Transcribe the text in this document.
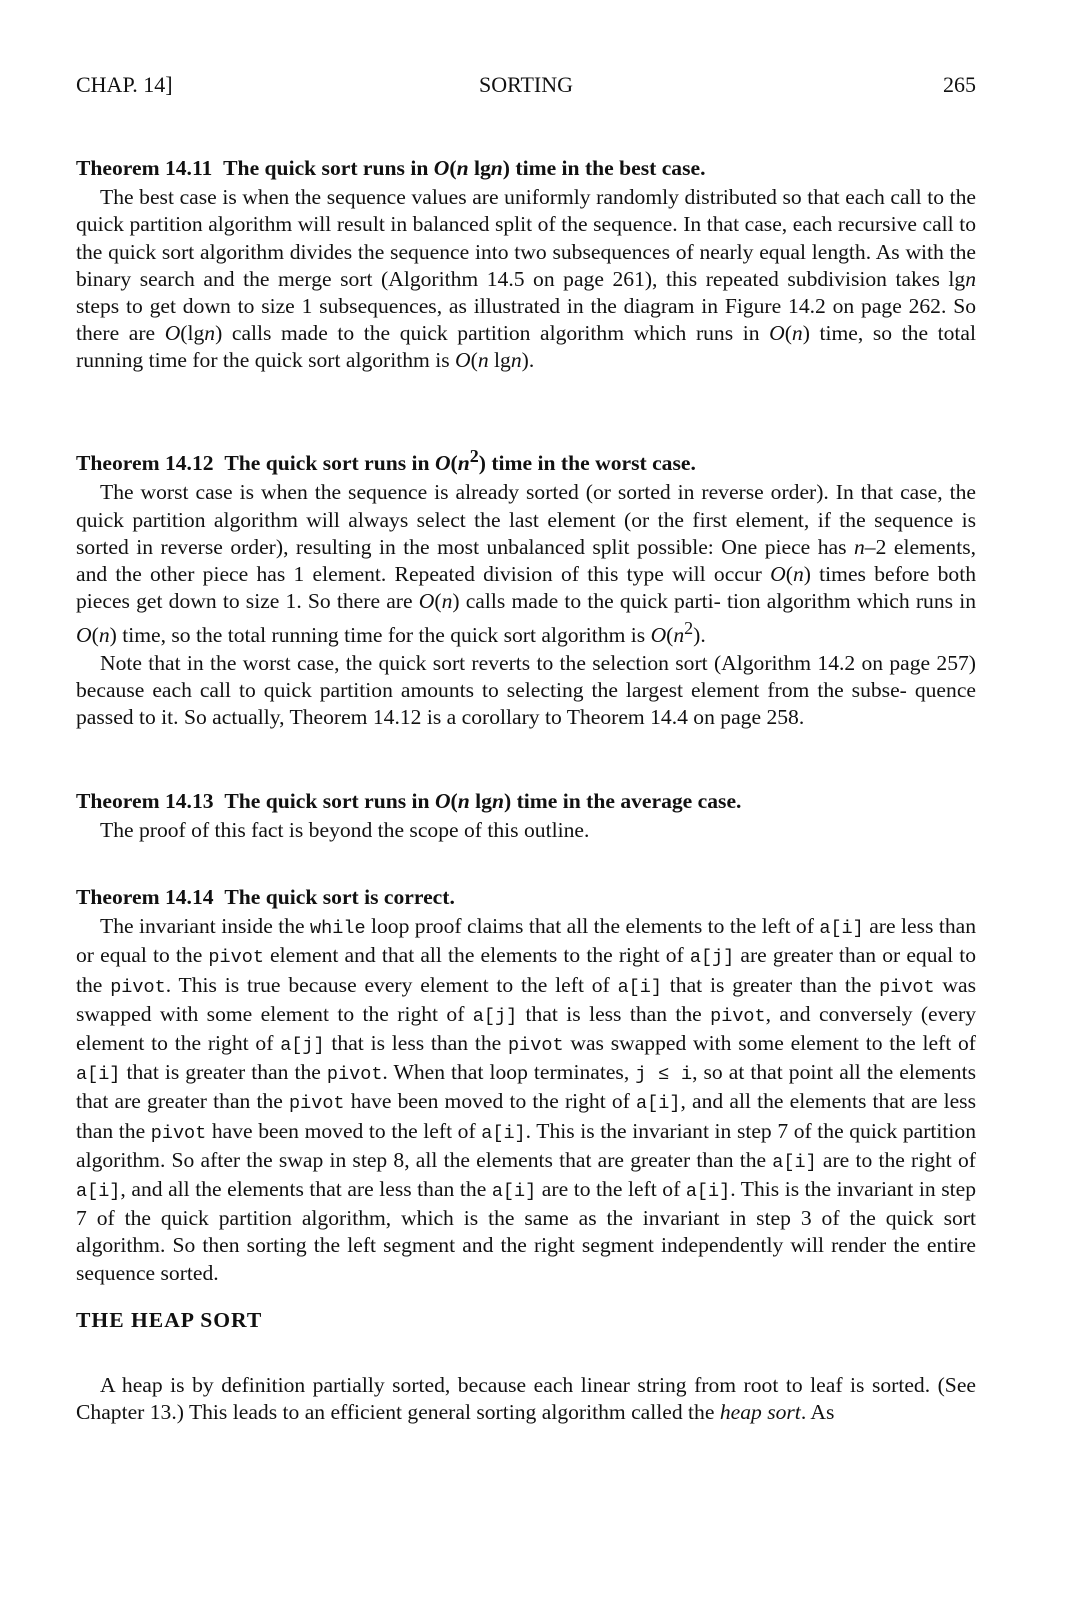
CHAP. 14]	SORTING	265
Theorem 14.11 The quick sort runs in O(n lgn) time in the best case.

The best case is when the sequence values are uniformly randomly distributed so that each call to the quick partition algorithm will result in balanced split of the sequence. In that case, each recursive call to the quick sort algorithm divides the sequence into two subsequences of nearly equal length. As with the binary search and the merge sort (Algorithm 14.5 on page 261), this repeated subdivision takes lgn steps to get down to size 1 subsequences, as illustrated in the diagram in Figure 14.2 on page 262. So there are O(lgn) calls made to the quick partition algorithm which runs in O(n) time, so the total running time for the quick sort algorithm is O(n lgn).

Theorem 14.12 The quick sort runs in $O(n^2)$ time in the worst case.

The worst case is when the sequence is already sorted (or sorted in reverse order). In that case, the quick partition algorithm will always select the last element (or the first element, if the sequence is sorted in reverse order), resulting in the most unbalanced split possible: One piece has n–2 elements, and the other piece has 1 element. Repeated division of this type will occur O(n) times before both pieces get down to size 1. So there are O(n) calls made to the quick parti- tion algorithm which runs in O(n) time, so the total running time for the quick sort algorithm is $O(n^2)$.

Note that in the worst case, the quick sort reverts to the selection sort (Algorithm 14.2 on page 257) because each call to quick partition amounts to selecting the largest element from the subse- quence passed to it. So actually, Theorem 14.12 is a corollary to Theorem 14.4 on page 258.

Theorem 14.13 The quick sort runs in O(n lgn) time in the average case.

The proof of this fact is beyond the scope of this outline.

Theorem 14.14 The quick sort is correct.

The invariant inside the while loop proof claims that all the elements to the left of a[i] are less than or equal to the pivot element and that all the elements to the right of a[j] are greater than or equal to the pivot. This is true because every element to the left of a[i] that is greater than the pivot was swapped with some element to the right of a[j] that is less than the pivot, and conversely (every element to the right of a[j] that is less than the pivot was swapped with some element to the left of a[i] that is greater than the pivot. When that loop terminates, j ≤ i, so at that point all the elements that are greater than the pivot have been moved to the right of a[i], and all the elements that are less than the pivot have been moved to the left of a[i]. This is the invariant in step 7 of the quick partition algorithm. So after the swap in step 8, all the elements that are greater than the a[i] are to the right of a[i], and all the elements that are less than the a[i] are to the left of a[i]. This is the invariant in step 7 of the quick partition algorithm, which is the same as the invariant in step 3 of the quick sort algorithm. So then sorting the left segment and the right segment independently will render the entire sequence sorted.

THE HEAP SORT

A heap is by definition partially sorted, because each linear string from root to leaf is sorted. (See Chapter 13.) This leads to an efficient general sorting algorithm called the heap sort. As
